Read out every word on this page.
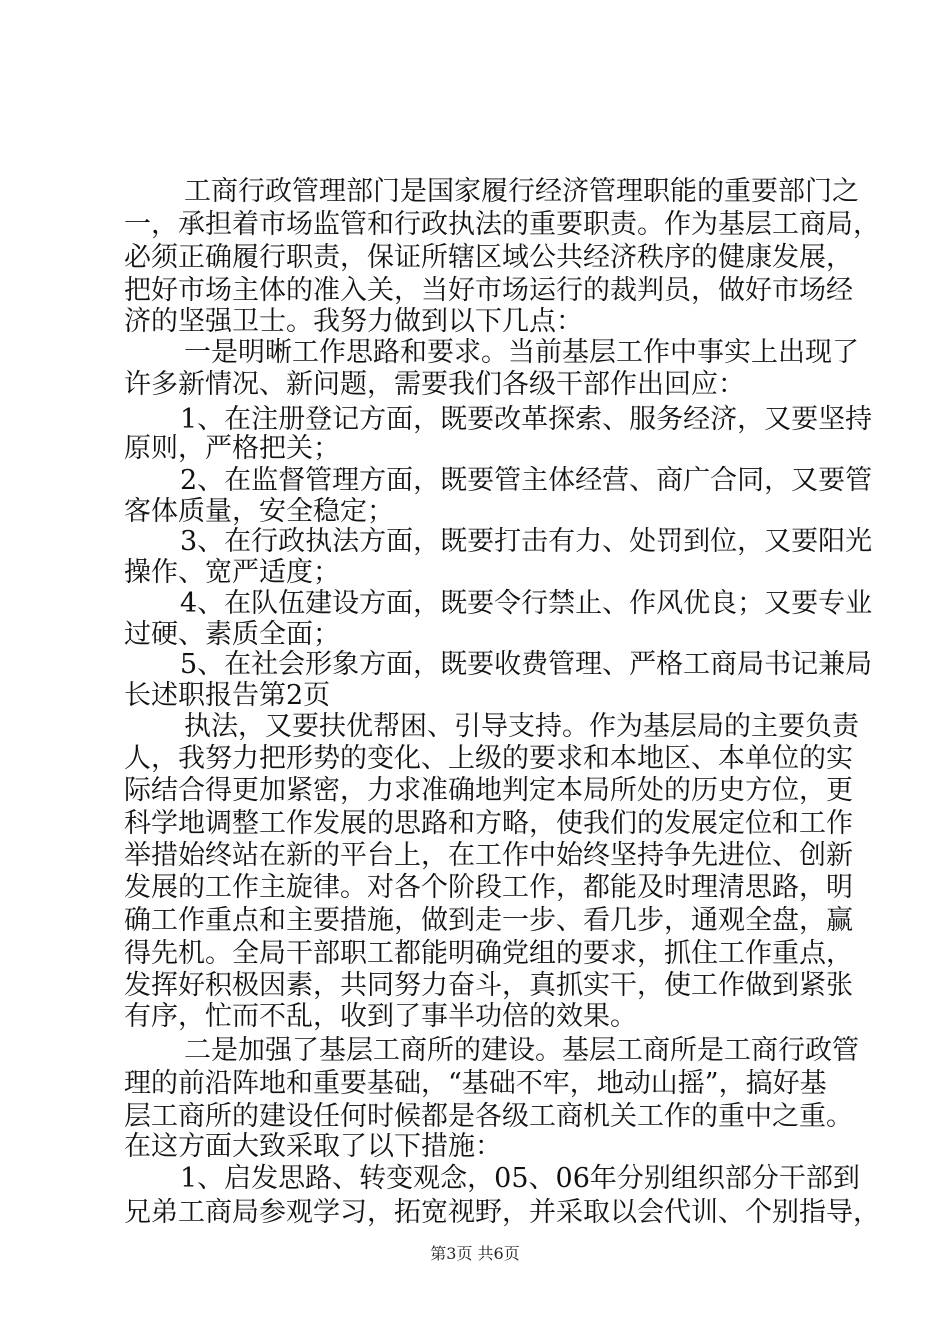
工商行政管理部门是国家履行经济管理职能的重要部门之
一，承担着市场监管和行政执法的重要职责。作为基层工商局，
必须正确履行职责，保证所辖区域公共经济秩序的健康发展，
把好市场主体的准入关，当好市场运行的裁判员，做好市场经
济的坚强卫士。我努力做到以下几点：
一是明晰工作思路和要求。当前基层工作中事实上出现了
许多新情况、新问题，需要我们各级干部作出回应：
1、在注册登记方面，既要改革探索、服务经济，又要坚持
原则，严格把关；
2、在监督管理方面，既要管主体经营、商广合同，又要管
客体质量，安全稳定；
3、在行政执法方面，既要打击有力、处罚到位，又要阳光
操作、宽严适度；
4、在队伍建设方面，既要令行禁止、作风优良；又要专业
过硬、素质全面；
5、在社会形象方面，既要收费管理、严格工商局书记兼局
长述职报告第2页
执法，又要扶优帮困、引导支持。作为基层局的主要负责
人，我努力把形势的变化、上级的要求和本地区、本单位的实
际结合得更加紧密，力求准确地判定本局所处的历史方位，更
科学地调整工作发展的思路和方略，使我们的发展定位和工作
举措始终站在新的平台上，在工作中始终坚持争先进位、创新
发展的工作主旋律。对各个阶段工作，都能及时理清思路，明
确工作重点和主要措施，做到走一步、看几步，通观全盘，赢
得先机。全局干部职工都能明确党组的要求，抓住工作重点，
发挥好积极因素，共同努力奋斗，真抓实干，使工作做到紧张
有序，忙而不乱，收到了事半功倍的效果。
二是加强了基层工商所的建设。基层工商所是工商行政管
理的前沿阵地和重要基础，“基础不牢，地动山摇”，搞好基
层工商所的建设任何时候都是各级工商机关工作的重中之重。
在这方面大致采取了以下措施：
1、启发思路、转变观念，05、06年分别组织部分干部到
兄弟工商局参观学习，拓宽视野，并采取以会代训、个别指导，
第3页 共6页
